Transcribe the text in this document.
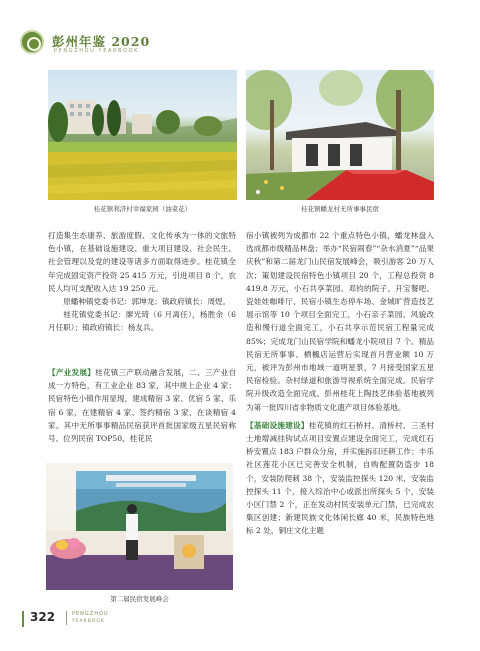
彭州年鉴 2020
PENGZHOU YEARBOOK
桂花镇利济村幸福家园（油菜花）	桂花镇蟠龙村无所事事民宿

打造集生态康养、旅游度假、文化传承为一体的文旅特色小镇，在基础设施建设、重大项目建设、社会民生、社会管理以及党的建设等诸多方面取得进步。桂花镇全年完成固定资产投资 25 415 万元，引进项目 8 个，农民人均可支配收入达 19 250 元。

原蟠种镇党委书记：郭坤龙；镇政府镇长：周煜。

桂花镇党委书记：廖光琦（6 月离任），杨胜余（6 月任职）；镇政府镇长：杨友兵。

【产业发展】桂花镇三产联动融合发展，二、三产业自成一方特色，有工业企业 83 家，其中规上企业 4 家；民宿特色小镇作用显现，建成精宿 3 家、优宿 5 家、乐宿 6 家，在建精宿 4 家、签约精宿 3 家、在谈精宿 4 家。其中无所事事精品民宿获评首批国家级五星民宿称号、位列民宿 TOP50、桂花民

宿小镇被列为成都市 22 个重点特色小镇，蟠龙林盘入选成都市级精品林盘；举办“民宿闹春”“杂水消夏”“品果庆秋”和第二届龙门山民宿发展峰会，吸引游客 20 万人次；策划建设民宿特色小镇项目 20 个，工程总投资 8 419.8 万元，小石共享菜园、邓钧的院子、开宝餐吧、瓷娃娃咖啡厅、民宿小镇生态停车场、金城旷营造技艺展示馆等 10 个项目全面完工，小石亲子菜园、风貌改造和慢行道全面完工，小石共享示范民宿工程量完成 85%；完成龙门山民宿学院和蟠龙小院项目 7 个。精品民宿无所事事、栖楓店运营后实现首月营业额 10 万元，被评为彭州市地域一道明星景，7 月接受国家五星民宿检验。杂村绿道和旅游导视系统全面完成。民宿学院升级改造全面完成。彭州桂花上陶技艺体验基地被列为第一批四川省非物质文化遗产项目体验基地。

【基础设施建设】桂花镇的红石桥村、清桥村、三圣村土地增减挂钩试点项目安置点建设全面完工，完成红石桥安置点 183 户群众分房，并实施拆旧还耕工作；丰乐社区莲花小区已完善安全机制，自购配置防盗步 18 个，安装防爬刺 38 个，安装监控探头 120 米，安装监控探头 11 个，接入综治中心或派出所探头 5 个，安装小区门禁 2 个，正在发动村民安装单元门禁，已完成农集区创建；新建民族文化体闲长廊 40 米，民族特色地标 2 处，铜庄文化主题

第二届民宿发展峰会
322	PENGZHOU
YEARBOOK
